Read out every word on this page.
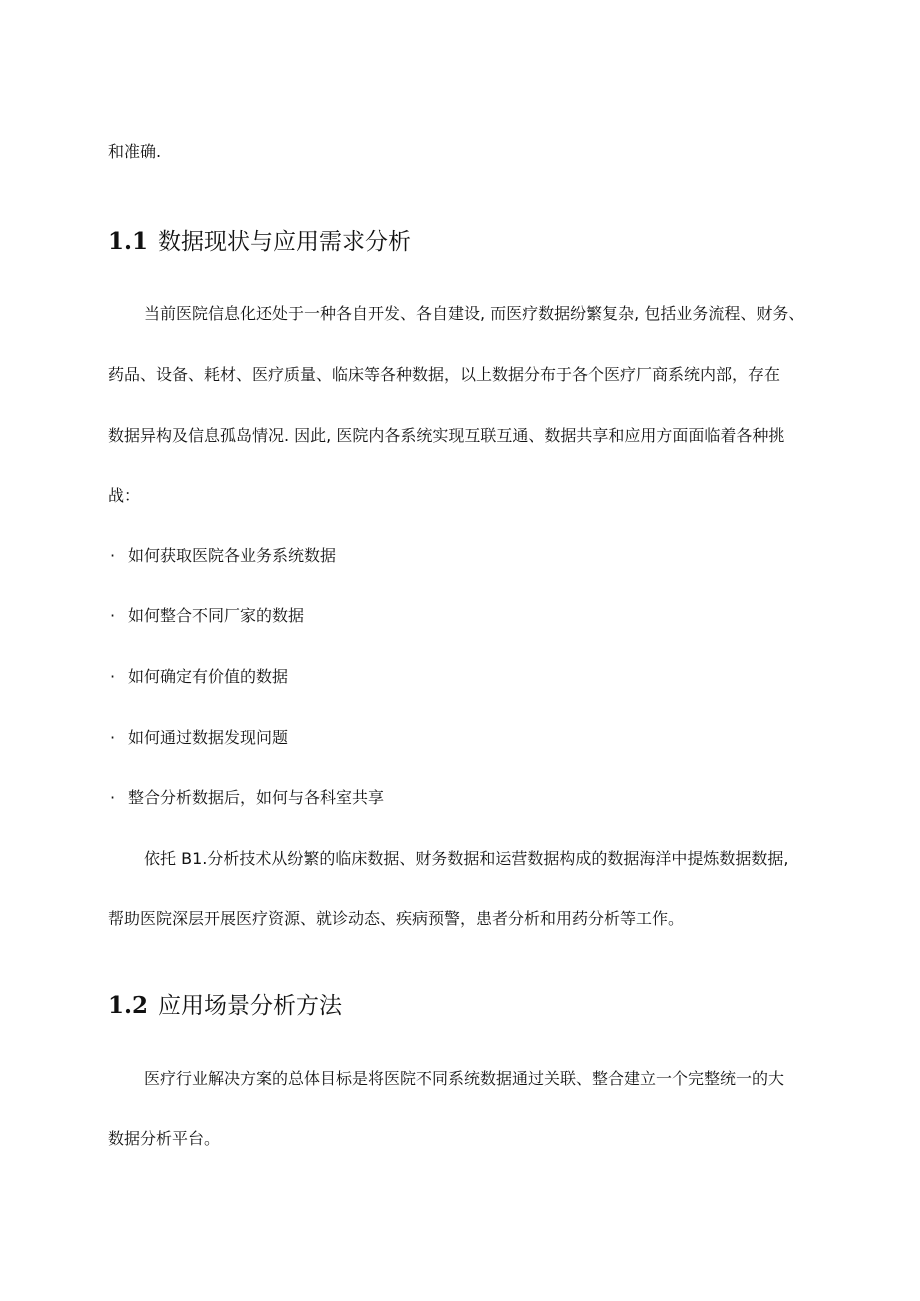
和准确.
1.1 数据现状与应用需求分析
当前医院信息化还处于一种各自开发、各自建设, 而医疗数据纷繁复杂, 包括业务流程、财务、
药品、设备、耗材、医疗质量、临床等各种数据，以上数据分布于各个医疗厂商系统内部，存在
数据异构及信息孤岛情况. 因此, 医院内各系统实现互联互通、数据共享和应用方面面临着各种挑
战：
· 如何获取医院各业务系统数据
· 如何整合不同厂家的数据
· 如何确定有价值的数据
· 如何通过数据发现问题
· 整合分析数据后，如何与各科室共享
依托 B1.分析技术从纷繁的临床数据、财务数据和运营数据构成的数据海洋中提炼数据数据,
帮助医院深层开展医疗资源、就诊动态、疾病预警，患者分析和用药分析等工作。
1.2 应用场景分析方法
医疗行业解决方案的总体目标是将医院不同系统数据通过关联、整合建立一个完整统一的大
数据分析平台。
